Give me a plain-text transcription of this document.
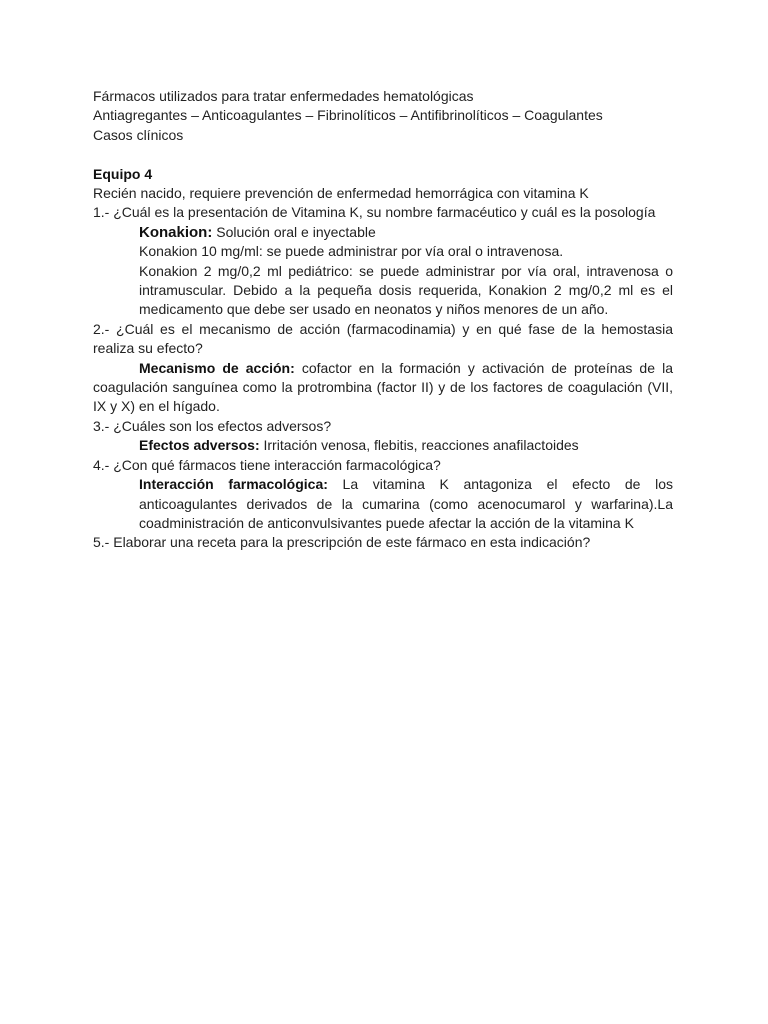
Fármacos utilizados para tratar enfermedades hematológicas
Antiagregantes – Anticoagulantes – Fibrinolíticos – Antifibrinolíticos – Coagulantes
Casos clínicos
Equipo 4
Recién nacido, requiere prevención de enfermedad hemorrágica con vitamina K
1.- ¿Cuál es la presentación de Vitamina K, su nombre farmacéutico y cuál es la posología
Konakion: Solución oral e inyectable
Konakion 10 mg/ml: se puede administrar por vía oral o intravenosa.
Konakion 2 mg/0,2 ml pediátrico: se puede administrar por vía oral, intravenosa o intramuscular. Debido a la pequeña dosis requerida, Konakion 2 mg/0,2 ml es el medicamento que debe ser usado en neonatos y niños menores de un año.
2.- ¿Cuál es el mecanismo de acción (farmacodinamia) y en qué fase de la hemostasia realiza su efecto?
Mecanismo de acción: cofactor en la formación y activación de proteínas de la coagulación sanguínea como la protrombina (factor II) y de los factores de coagulación (VII, IX y X) en el hígado.
3.- ¿Cuáles son los efectos adversos?
Efectos adversos: Irritación venosa, flebitis, reacciones anafilactoides
4.- ¿Con qué fármacos tiene interacción farmacológica?
Interacción farmacológica: La vitamina K antagoniza el efecto de los anticoagulantes derivados de la cumarina (como acenocumarol y warfarina).La coadministración de anticonvulsivantes puede afectar la acción de la vitamina K
5.- Elaborar una receta para la prescripción de este fármaco en esta indicación?
